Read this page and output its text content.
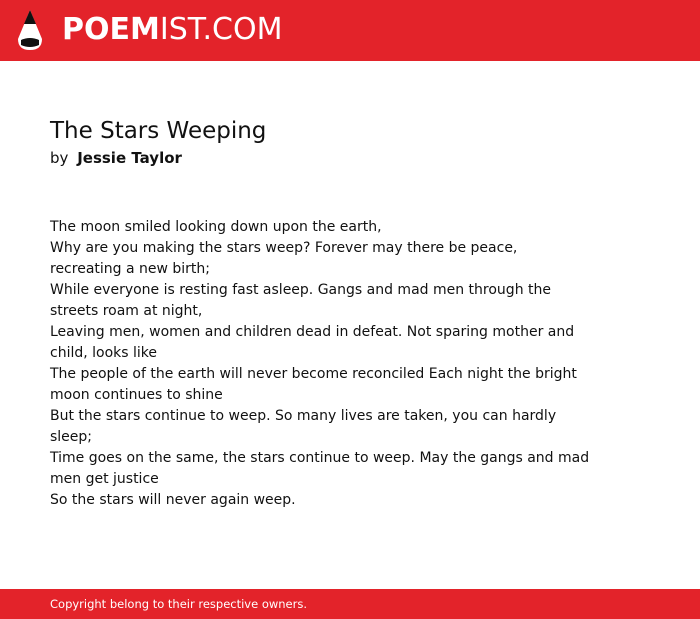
POEMIST.COM
The Stars Weeping
by Jessie Taylor
The moon smiled looking down upon the earth,
Why are you making the stars weep? Forever may there be peace, recreating a new birth;
While everyone is resting fast asleep. Gangs and mad men through the streets roam at night,
Leaving men, women and children dead in defeat. Not sparing mother and child, looks like
The people of the earth will never become reconciled Each night the bright moon continues to shine
But the stars continue to weep. So many lives are taken, you can hardly sleep;
Time goes on the same, the stars continue to weep. May the gangs and mad men get justice
So the stars will never again weep.
Copyright belong to their respective owners.
